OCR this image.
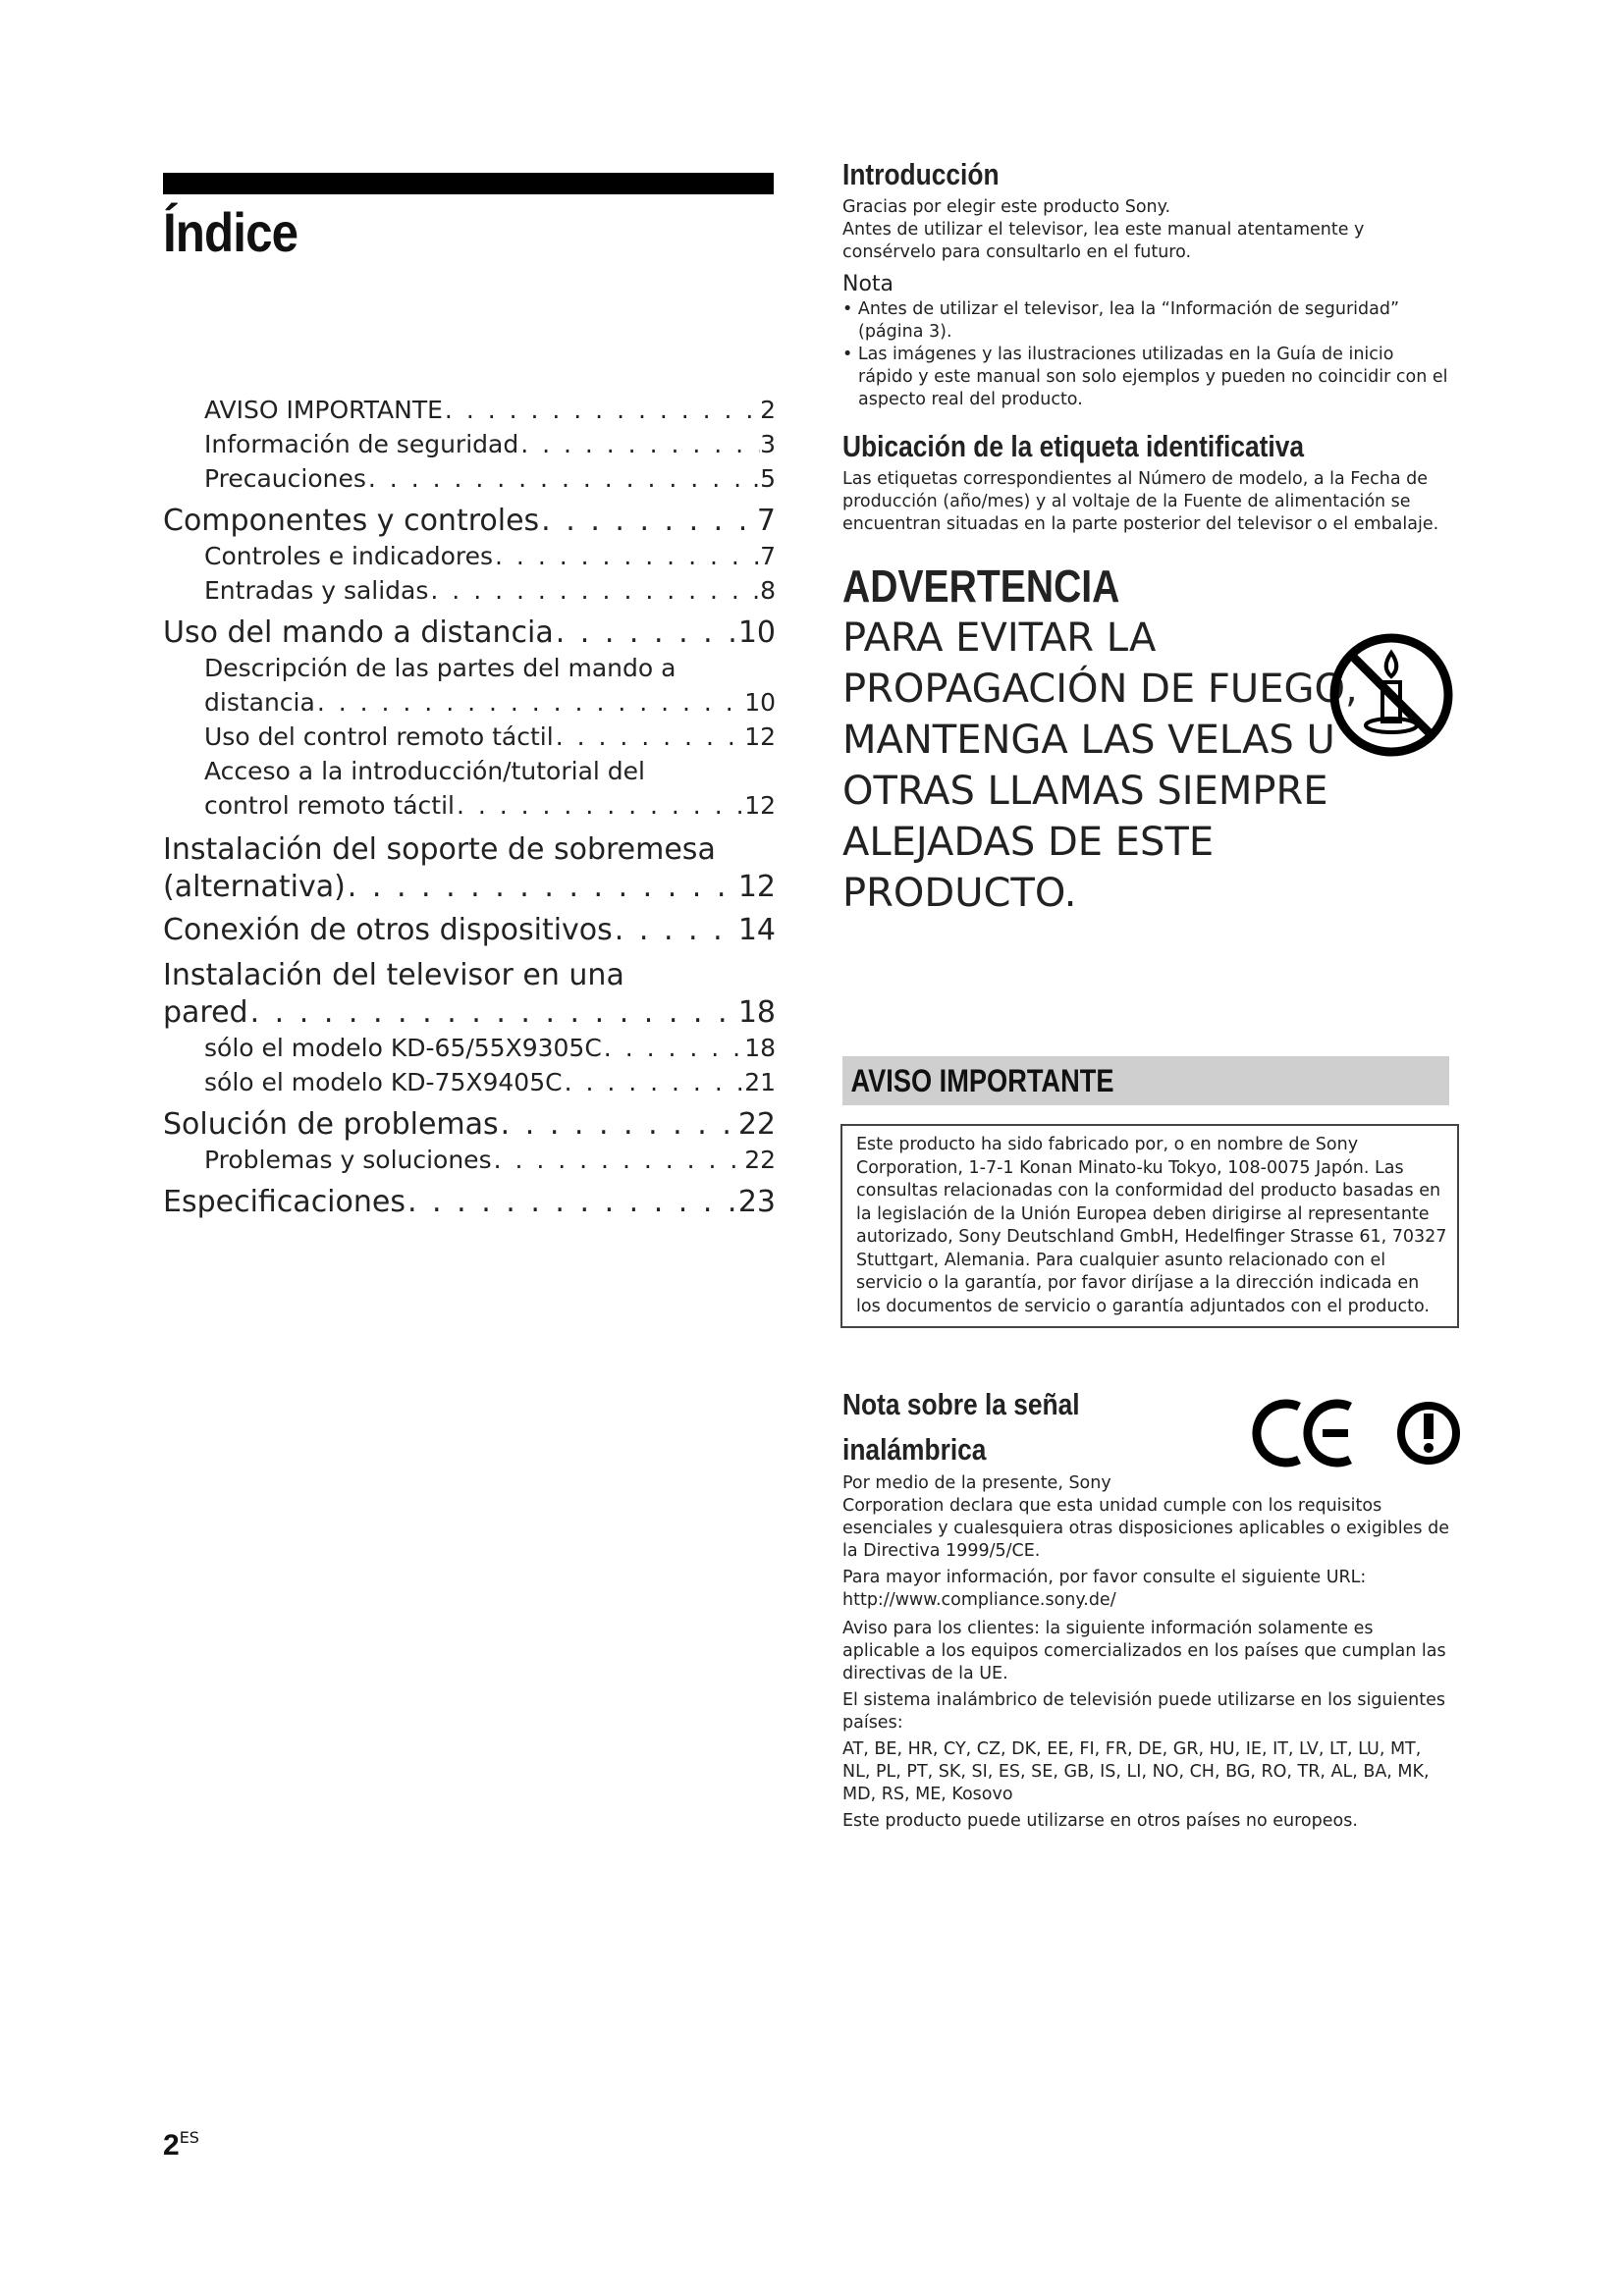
Índice
AVISO IMPORTANTE . . .	2
Información de seguridad . . .	3
Precauciones . . .	.5
Componentes y controles . . .	7
Controles e indicadores . . .	7
Entradas y salidas . . .	.8
Uso del mando a distancia . . .	10
Descripción de las partes del mando a
distancia . . .	10
Uso del control remoto táctil . . .	12
Acceso a la introducción/tutorial del
control remoto táctil . . .	12
Instalación del soporte de sobremesa
(alternativa) . . .	12
Conexión de otros dispositivos . . .	14
Instalación del televisor en una
pared . . .	18
sólo el modelo KD-65/55X9305C . . .	18
sólo el modelo KD-75X9405C . . .	21
Solución de problemas . . .	22
Problemas y soluciones . . .	22
Especificaciones . . .	23
Introducción

Gracias por elegir este producto Sony.

Antes de utilizar el televisor, lea este manual atentamente y consérvelo para consultarlo en el futuro.

Nota

• Antes de utilizar el televisor, lea la “Información de seguridad” (página 3).

• Las imágenes y las ilustraciones utilizadas en la Guía de inicio rápido y este manual son solo ejemplos y pueden no coincidir con el aspecto real del producto.

Ubicación de la etiqueta identificativa

Las etiquetas correspondientes al Número de modelo, a la Fecha de producción (año/mes) y al voltaje de la Fuente de alimentación se encuentran situadas en la parte posterior del televisor o el embalaje.

ADVERTENCIA

PARA EVITAR LA PROPAGACIÓN DE FUEGO, MANTENGA LAS VELAS U OTRAS LLAMAS SIEMPRE ALEJADAS DE ESTE PRODUCTO.

AVISO IMPORTANTE
Este producto ha sido fabricado por, o en nombre de Sony Corporation, 1-7-1 Konan Minato-ku Tokyo, 108-0075 Japón. Las consultas relacionadas con la conformidad del producto basadas en la legislación de la Unión Europea deben dirigirse al representante autorizado, Sony Deutschland GmbH, Hedelfinger Strasse 61, 70327 Stuttgart, Alemania. Para cualquier asunto relacionado con el servicio o la garantía, por favor diríjase a la dirección indicada en los documentos de servicio o garantía adjuntados con el producto.
Nota sobre la señal
inalámbrica

Por medio de la presente, Sony

Corporation declara que esta unidad cumple con los requisitos esenciales y cualesquiera otras disposiciones aplicables o exigibles de la Directiva 1999/5/CE.

Para mayor información, por favor consulte el siguiente URL: http://www.compliance.sony.de/

Aviso para los clientes: la siguiente información solamente es aplicable a los equipos comercializados en los países que cumplan las directivas de la UE.

El sistema inalámbrico de televisión puede utilizarse en los siguientes países:

AT, BE, HR, CY, CZ, DK, EE, FI, FR, DE, GR, HU, IE, IT, LV, LT, LU, MT, NL, PL, PT, SK, SI, ES, SE, GB, IS, LI, NO, CH, BG, RO, TR, AL, BA, MK, MD, RS, ME, Kosovo

Este producto puede utilizarse en otros países no europeos.

$2^{ES}$
